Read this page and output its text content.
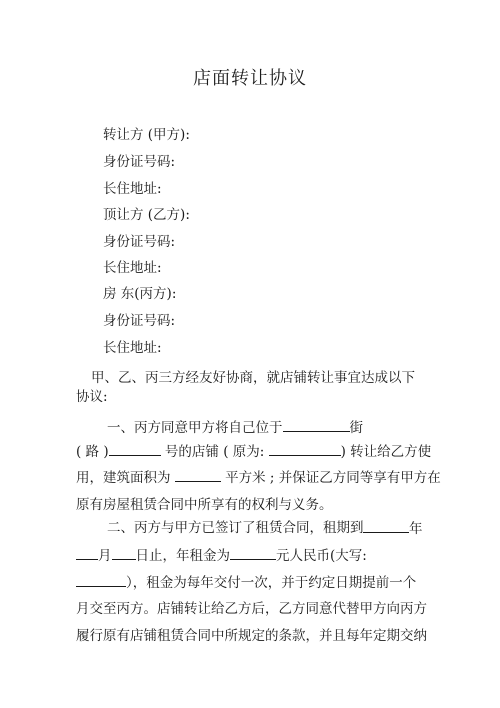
店面转让协议
转让方 (甲方):
身份证号码:
长住地址:
顶让方 (乙方):
身份证号码:
长住地址:
房 东(丙方):
身份证号码:
长住地址:
甲、乙、丙三方经友好协商，就店铺转让事宜达成以下
协议:
一、丙方同意甲方将自己位于	街
( 路 )	号的店铺 ( 原为:	) 转让给乙方使
用，建筑面积为	平方米 ; 并保证乙方同等享有甲方在
原有房屋租赁合同中所享有的权利与义务。
二、丙方与甲方已签订了租赁合同，租期到	年
月 日止，年租金为	元人民币(大写:
），租金为每年交付一次，并于约定日期提前一个
月交至丙方。店铺转让给乙方后，乙方同意代替甲方向丙方
履行原有店铺租赁合同中所规定的条款，并且每年定期交纳
